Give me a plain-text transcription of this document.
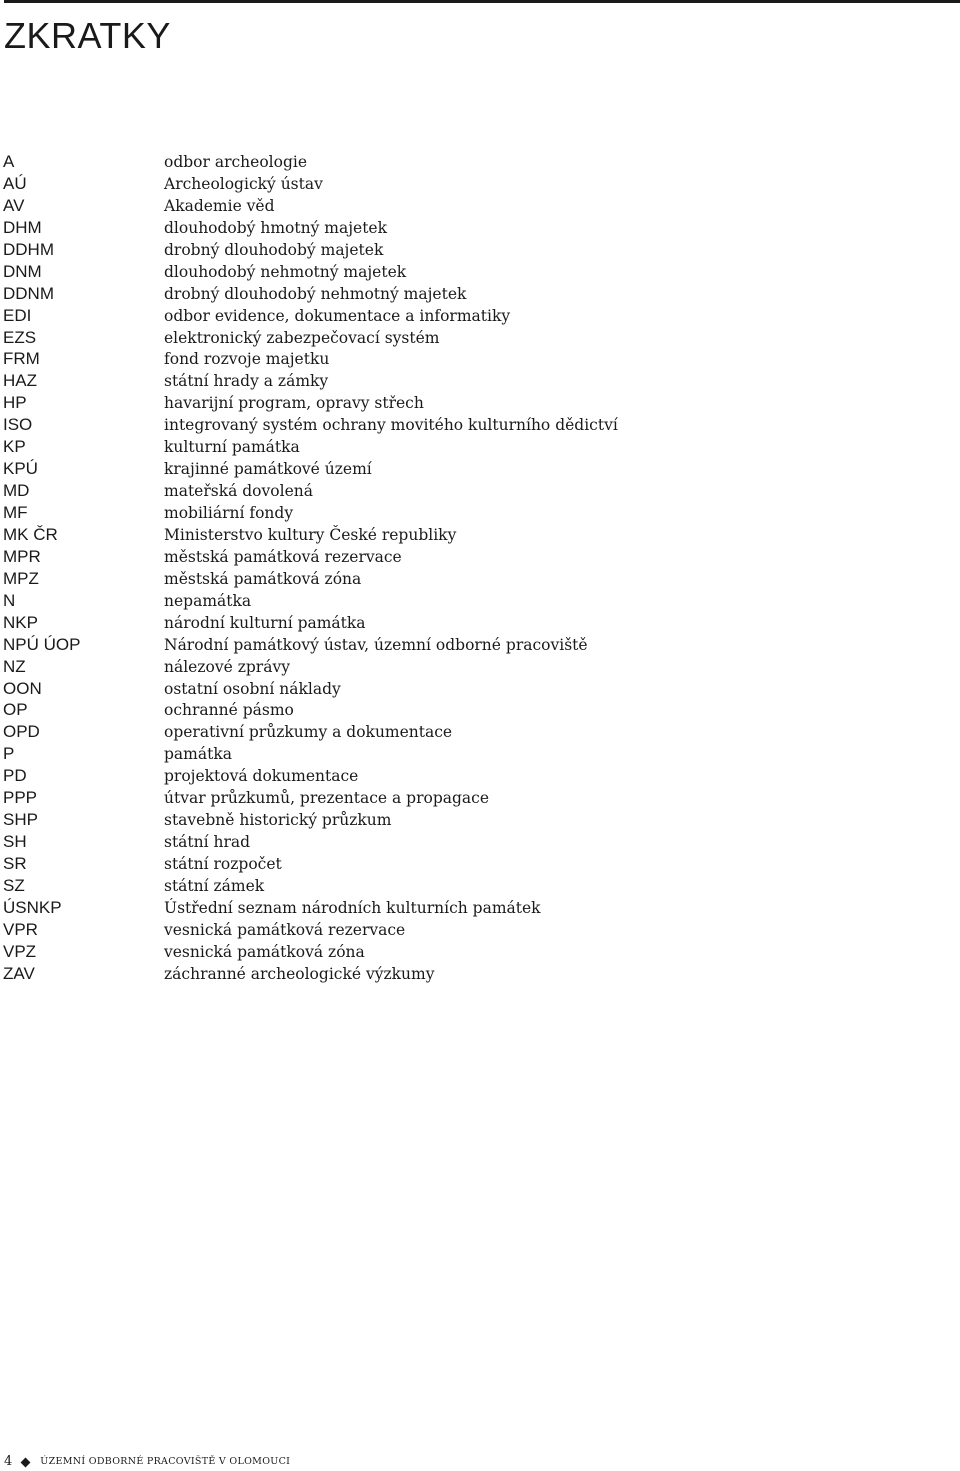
ZKRATKY
A	odbor archeologie
AÚ	Archeologický ústav
AV	Akademie věd
DHM	dlouhodobý hmotný majetek
DDHM	drobný dlouhodobý majetek
DNM	dlouhodobý nehmotný majetek
DDNM	drobný dlouhodobý nehmotný majetek
EDI	odbor evidence, dokumentace a informatiky
EZS	elektronický zabezpečovací systém
FRM	fond rozvoje majetku
HAZ	státní hrady a zámky
HP	havarijní program, opravy střech
ISO	integrovaný systém ochrany movitého kulturního dědictví
KP	kulturní památka
KPÚ	krajinné památkové území
MD	mateřská dovolená
MF	mobiliární fondy
MK ČR	Ministerstvo kultury České republiky
MPR	městská památková rezervace
MPZ	městská památková zóna
N	nepamátka
NKP	národní kulturní památka
NPÚ ÚOP	Národní památkový ústav, územní odborné pracoviště
NZ	nálezové zprávy
OON	ostatní osobní náklady
OP	ochranné pásmo
OPD	operativní průzkumy a dokumentace
P	památka
PD	projektová dokumentace
PPP	útvar průzkumů, prezentace a propagace
SHP	stavebně historický průzkum
SH	státní hrad
SR	státní rozpočet
SZ	státní zámek
ÚSNKP	Ústřední seznam národních kulturních památek
VPR	vesnická památková rezervace
VPZ	vesnická památková zóna
ZAV	záchranné archeologické výzkumy
4	ÚZEMNÍ ODBORNÉ PRACOVIŠTĚ V OLOMOUCI
